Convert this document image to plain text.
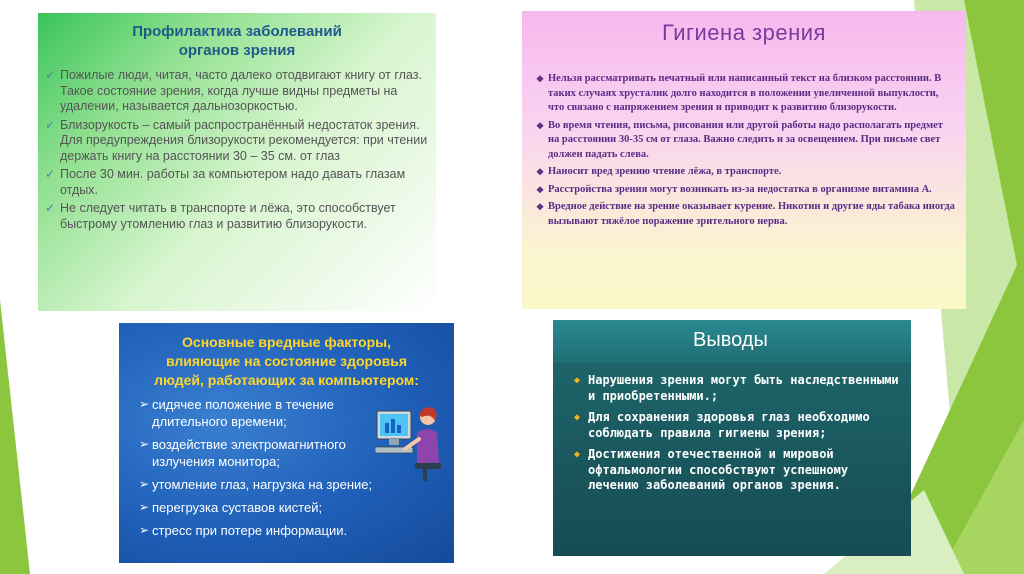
Профилактика заболеваний
органов зрения
✓ Пожилые люди, читая, часто далеко отодвигают книгу от глаз. Такое состояние зрения, когда лучше видны предметы на удалении, называется дальнозоркостью.
✓ Близорукость – самый распространённый недостаток зрения. Для предупреждения близорукости рекомендуется: при чтении держать книгу на расстоянии 30 – 35 см. от глаз
✓ После 30 мин. работы за компьютером надо давать глазам отдых.
✓ Не следует читать в транспорте и лёжа, это способствует быстрому утомлению глаз и развитию близорукости.
Гигиена зрения
❖ Нельзя рассматривать печатный или написанный текст на близком расстоянии. В таких случаях хрусталик долго находится в положении увеличенной выпуклости, что связано с напряжением зрения и приводит к развитию близорукости.
❖ Во время чтения, письма, рисования или другой работы надо располагать предмет на расстоянии 30-35 см от глаза. Важно следить и за освещением. При письме свет должен падать слева.
❖ Наносит вред зрению чтение лёжа, в транспорте.
❖ Расстройства зрения могут возникать из-за недостатка в организме витамина А.
❖ Вредное действие на зрение оказывает курение. Никотин и другие яды табака иногда вызывают тяжёлое поражение зрительного нерва.
Основные вредные факторы,
влияющие на состояние здоровья
людей, работающих за компьютером:
➢ сидячее положение в течение длительного времени;
➢ воздействие электромагнитного излучения монитора;
➢ утомление глаз, нагрузка на зрение;
➢ перегрузка суставов кистей;
➢ стресс при потере информации.
Выводы
◆ Нарушения зрения могут быть наследственными и приобретенными.;
◆ Для сохранения здоровья глаз необходимо соблюдать правила гигиены зрения;
◆ Достижения отечественной и мировой офтальмологии способствуют успешному лечению заболеваний органов зрения.
